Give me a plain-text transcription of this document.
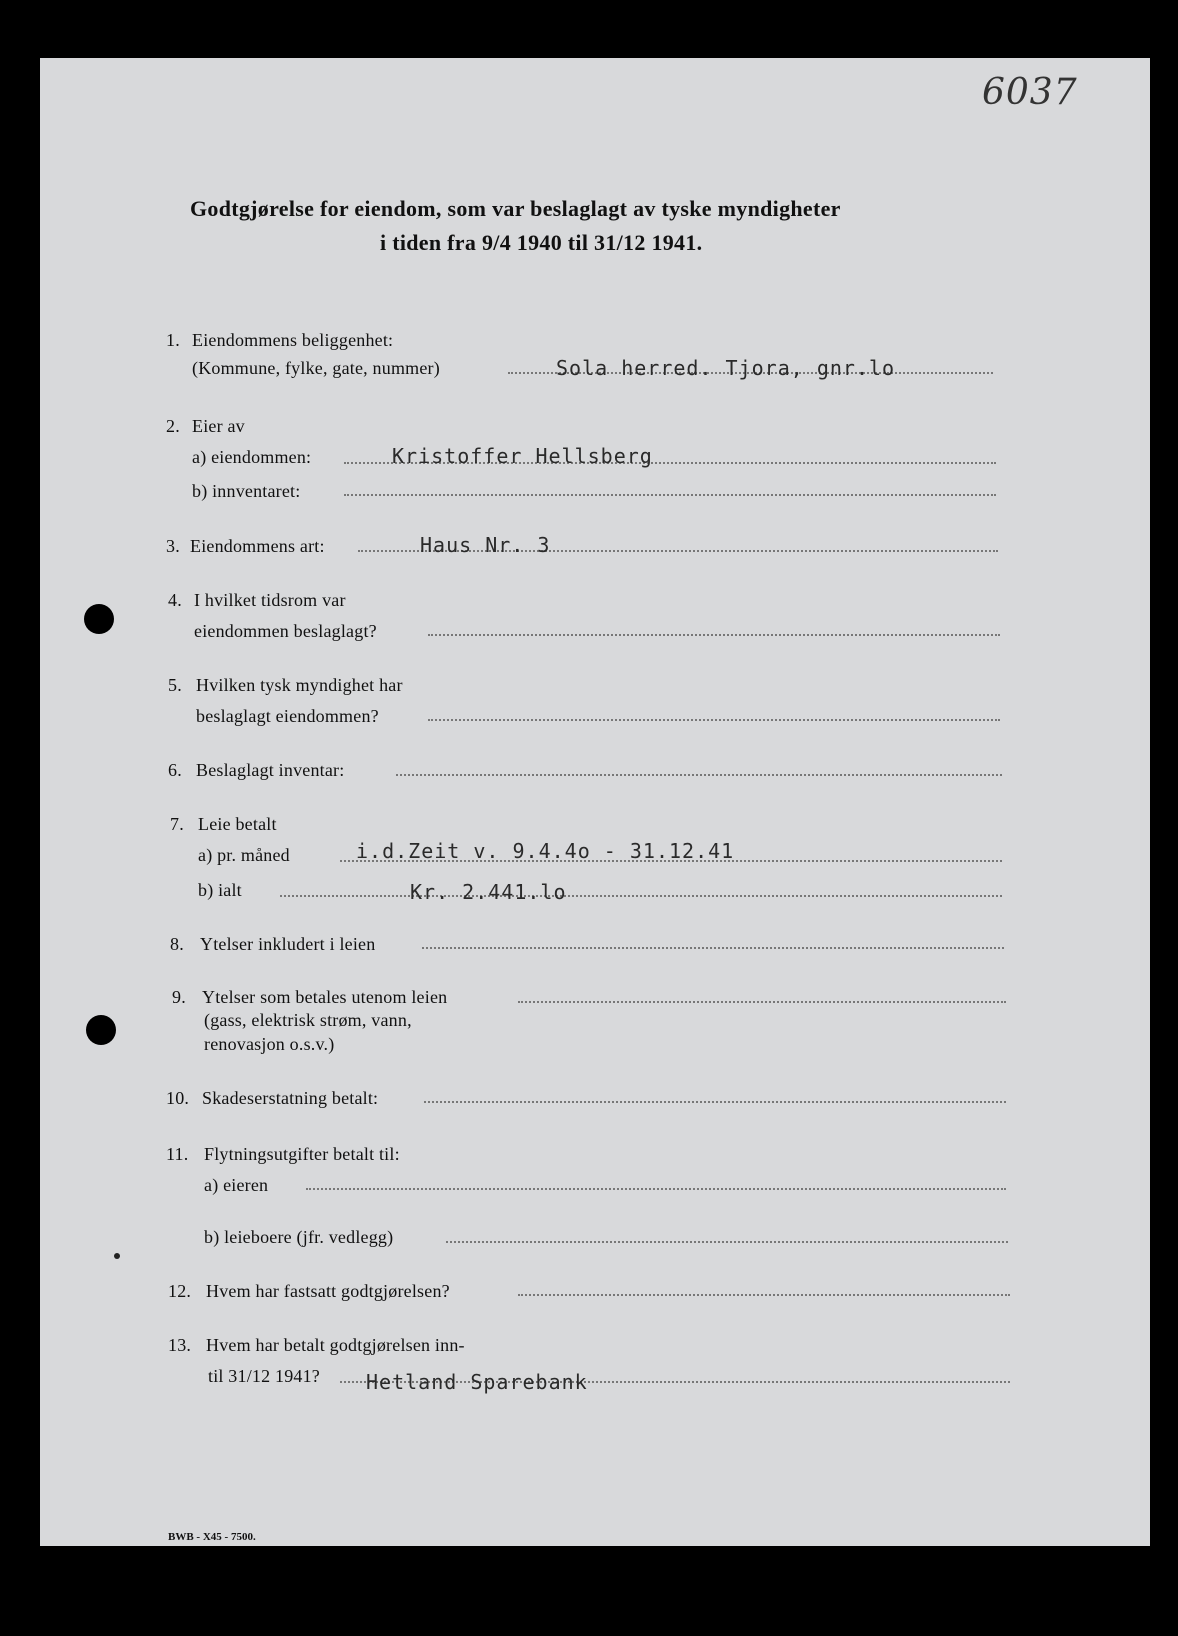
6037
Godtgjørelse for eiendom, som var beslaglagt av tyske myndigheter
i tiden fra 9/4 1940 til 31/12 1941.
1. Eiendommens beliggenhet:
(Kommune, fylke, gate, nummer)	Sola herred. Tjora, gnr.lo
2. Eier av
a) eiendommen:	Kristoffer Hellsberg
b) innventaret:
3. Eiendommens art:	Haus Nr. 3
4. I hvilket tidsrom var
eiendommen beslaglagt?
5. Hvilken tysk myndighet har
beslaglagt eiendommen?
6. Beslaglagt inventar:
7. Leie betalt
a) pr. måned	i.d.Zeit v. 9.4.4o - 31.12.41
b) ialt	Kr. 2.441.lo
8. Ytelser inkludert i leien
9. Ytelser som betales utenom leien
(gass, elektrisk strøm, vann,
renovasjon o.s.v.)
10. Skadeserstatning betalt:
11. Flytningsutgifter betalt til:
a) eieren
b) leieboere (jfr. vedlegg)
12. Hvem har fastsatt godtgjørelsen?
13. Hvem har betalt godtgjørelsen inn-
til 31/12 1941? Hetland Sparebank
BWB - X45 - 7500.
